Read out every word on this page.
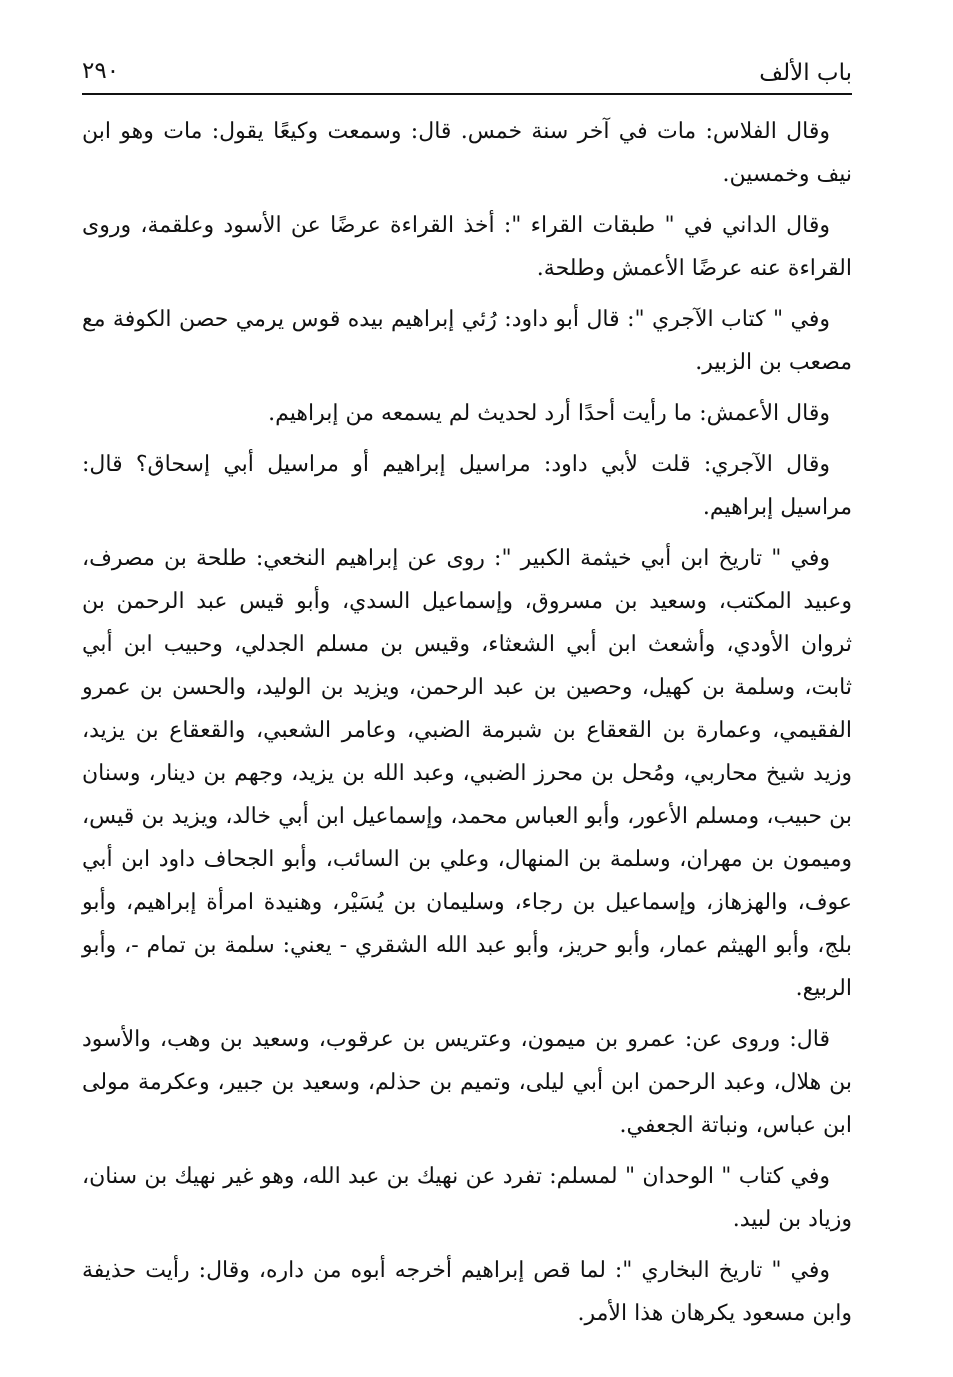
باب الألف
٢٩٠

وقال الفلاس: مات في آخر سنة خمس. قال: وسمعت وكيعًا يقول: مات وهو ابن نيف وخمسين.

وقال الداني في " طبقات القراء ": أخذ القراءة عرضًا عن الأسود وعلقمة، وروى القراءة عنه عرضًا الأعمش وطلحة.

وفي " كتاب الآجري ": قال أبو داود: رُئي إبراهيم بيده قوس يرمي حصن الكوفة مع مصعب بن الزبير.

وقال الأعمش: ما رأيت أحدًا أرد لحديث لم يسمعه من إبراهيم.

وقال الآجري: قلت لأبي داود: مراسيل إبراهيم أو مراسيل أبي إسحاق؟ قال: مراسيل إبراهيم.

وفي " تاريخ ابن أبي خيثمة الكبير ": روى عن إبراهيم النخعي: طلحة بن مصرف، وعبيد المكتب، وسعيد بن مسروق، وإسماعيل السدي، وأبو قيس عبد الرحمن بن ثروان الأودي، وأشعث ابن أبي الشعثاء، وقيس بن مسلم الجدلي، وحبيب ابن أبي ثابت، وسلمة بن كهيل، وحصين بن عبد الرحمن، ويزيد بن الوليد، والحسن بن عمرو الفقيمي، وعمارة بن القعقاع بن شبرمة الضبي، وعامر الشعبي، والقعقاع بن يزيد، وزيد شيخ محاربي، ومُحل بن محرز الضبي، وعبد الله بن يزيد، وجهم بن دينار، وسنان بن حبيب، ومسلم الأعور، وأبو العباس محمد، وإسماعيل ابن أبي خالد، ويزيد بن قيس، وميمون بن مهران، وسلمة بن المنهال، وعلي بن السائب، وأبو الجحاف داود ابن أبي عوف، والهزهاز، وإسماعيل بن رجاء، وسليمان بن يُسَيْر، وهنيدة امرأة إبراهيم، وأبو بلج، وأبو الهيثم عمار، وأبو حريز، وأبو عبد الله الشقري - يعني: سلمة بن تمام -، وأبو الربيع.

قال: وروى عن: عمرو بن ميمون، وعتريس بن عرقوب، وسعيد بن وهب، والأسود بن هلال، وعبد الرحمن ابن أبي ليلى، وتميم بن حذلم، وسعيد بن جبير، وعكرمة مولى ابن عباس، ونباتة الجعفي.

وفي كتاب " الوحدان " لمسلم: تفرد عن نهيك بن عبد الله، وهو غير نهيك بن سنان، وزياد بن لبيد.

وفي " تاريخ البخاري ": لما قص إبراهيم أخرجه أبوه من داره، وقال: رأيت حذيفة وابن مسعود يكرهان هذا الأمر.
